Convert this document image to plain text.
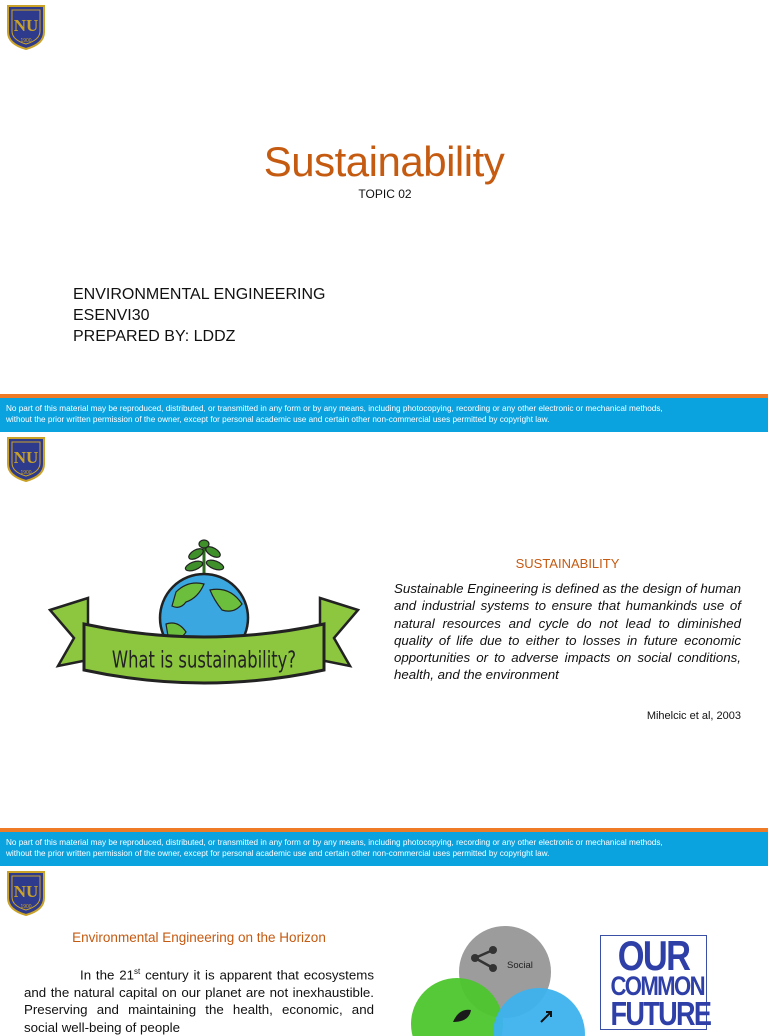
NU
1900
Sustainability
TOPIC 02
ENVIRONMENTAL ENGINEERING
ESENVI30
PREPARED BY: LDDZ
No part of this material may be reproduced, distributed, or transmitted in any form or by any means, including photocopying, recording or any other electronic or mechanical methods,
without the prior written permission of the owner, except for personal academic use and certain other non-commercial uses permitted by copyright law.
NU
1900
What is sustainability?
SUSTAINABILITY
Sustainable Engineering is defined as the design of human and industrial systems to ensure that humankinds use of natural resources and cycle do not lead to diminished quality of life due to either to losses in future economic opportunities or to adverse impacts on social conditions, health, and the environment
Mihelcic et al, 2003
No part of this material may be reproduced, distributed, or transmitted in any form or by any means, including photocopying, recording or any other electronic or mechanical methods,
without the prior written permission of the owner, except for personal academic use and certain other non-commercial uses permitted by copyright law.
NU
1900
Environmental Engineering on the Horizon
In the 21st century it is apparent that ecosystems and the natural capital on our planet are not inexhaustible. Preserving and maintaining the health, economic, and social well-being of people
Social OUR
COMMON
FUTURE
